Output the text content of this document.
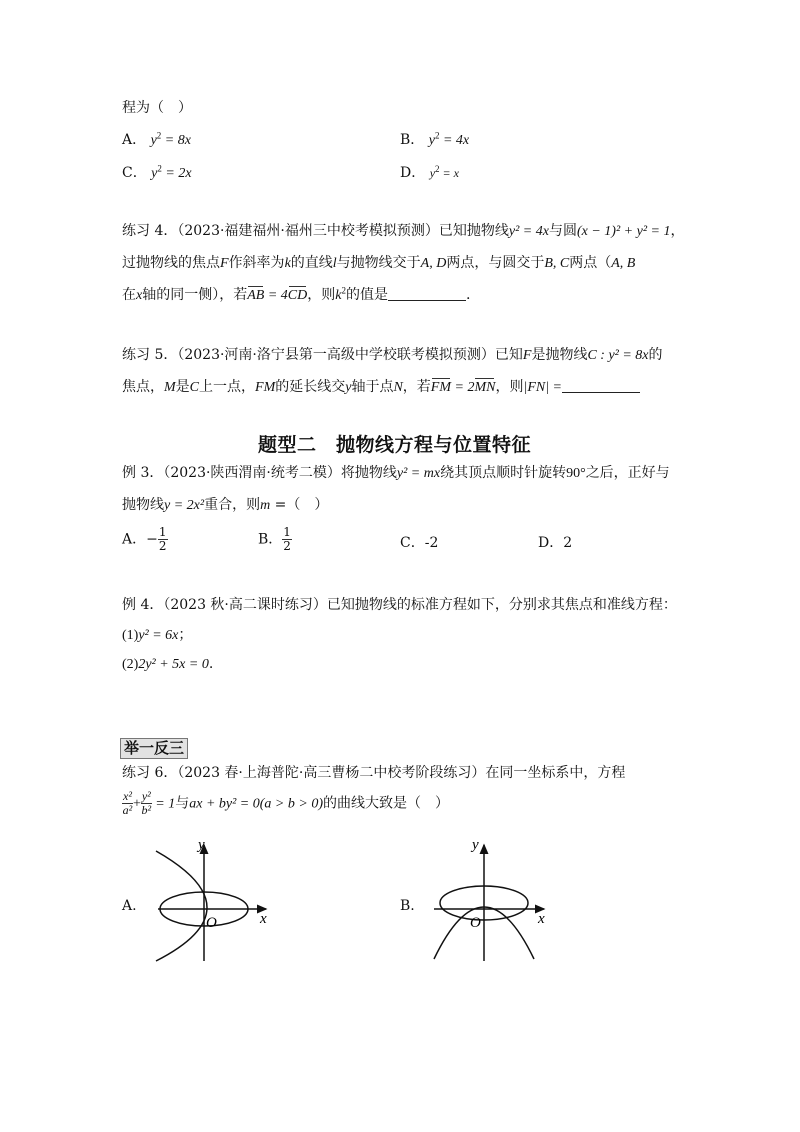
程为（　）
A． $y^2 = 8x$	B． $y^2 = 4x$
C． $y^2 = 2x$	D． $y^2 = x$
练习 4．（2023·福建福州·福州三中校考模拟预测）已知抛物线y² = 4x与圆(x − 1)² + y² = 1，
过抛物线的焦点F作斜率为k的直线l与抛物线交于A, D两点，与圆交于B, C两点（A, B
在x轴的同一侧），若AB = 4CD，则$k^2$的值是	.
练习 5．（2023·河南·洛宁县第一高级中学校联考模拟预测）已知F是抛物线C : y² = 8x的
焦点，M是C上一点，FM的延长线交y轴于点N，若FM = 2MN，则|FN| =
题型二　抛物线方程与位置特征
例 3．（2023·陕西渭南·统考二模）将抛物线y² = mx绕其顶点顺时针旋转90°之后，正好与
抛物线y = 2x²重合，则m =（　）
A．− $\frac{1}{2}$	B． $\frac{1}{2}$	C．-2	D．2
例 4．（2023 秋·高二课时练习）已知抛物线的标准方程如下，分别求其焦点和准线方程：
(1)y² = 6x；
(2)2y² + 5x = 0.
举一反三
练习 6．（2023 春·上海普陀·高三曹杨二中校考阶段练习）在同一坐标系中，方程
$\frac{\text{x²}}{\text{a²}} + \frac{\text{y²}}{\text{b²}} = 1$与ax + by² = 0(a > b > 0)的曲线大致是（　）
A.
x
y
O
B.
x
y
O
